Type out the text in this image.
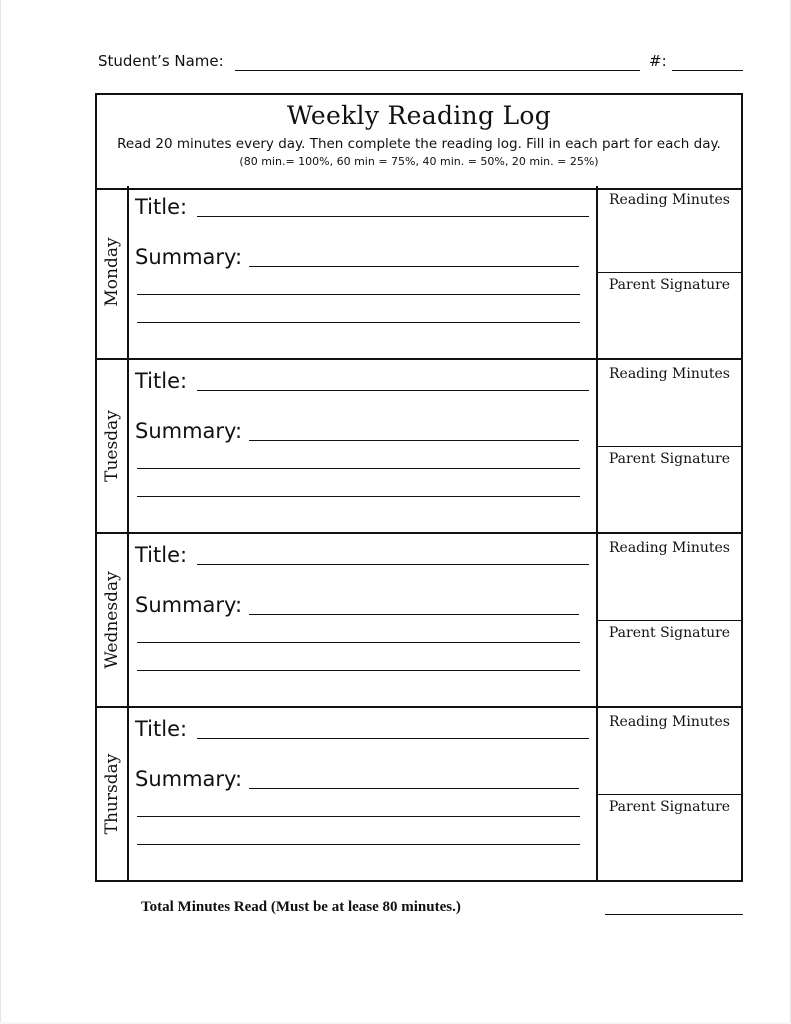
Student’s Name:	#:
Weekly Reading Log
Read 20 minutes every day. Then complete the reading log. Fill in each part for each day.
(80 min.= 100%, 60 min = 75%, 40 min. = 50%, 20 min. = 25%)
Monday
Title:
Summary:
Reading Minutes
Parent Signature
Tuesday
Title:
Summary:
Reading Minutes
Parent Signature
Wednesday
Title:
Summary:
Reading Minutes
Parent Signature
Thursday
Title:
Summary:
Reading Minutes
Parent Signature
Total Minutes Read (Must be at lease 80 minutes.)
